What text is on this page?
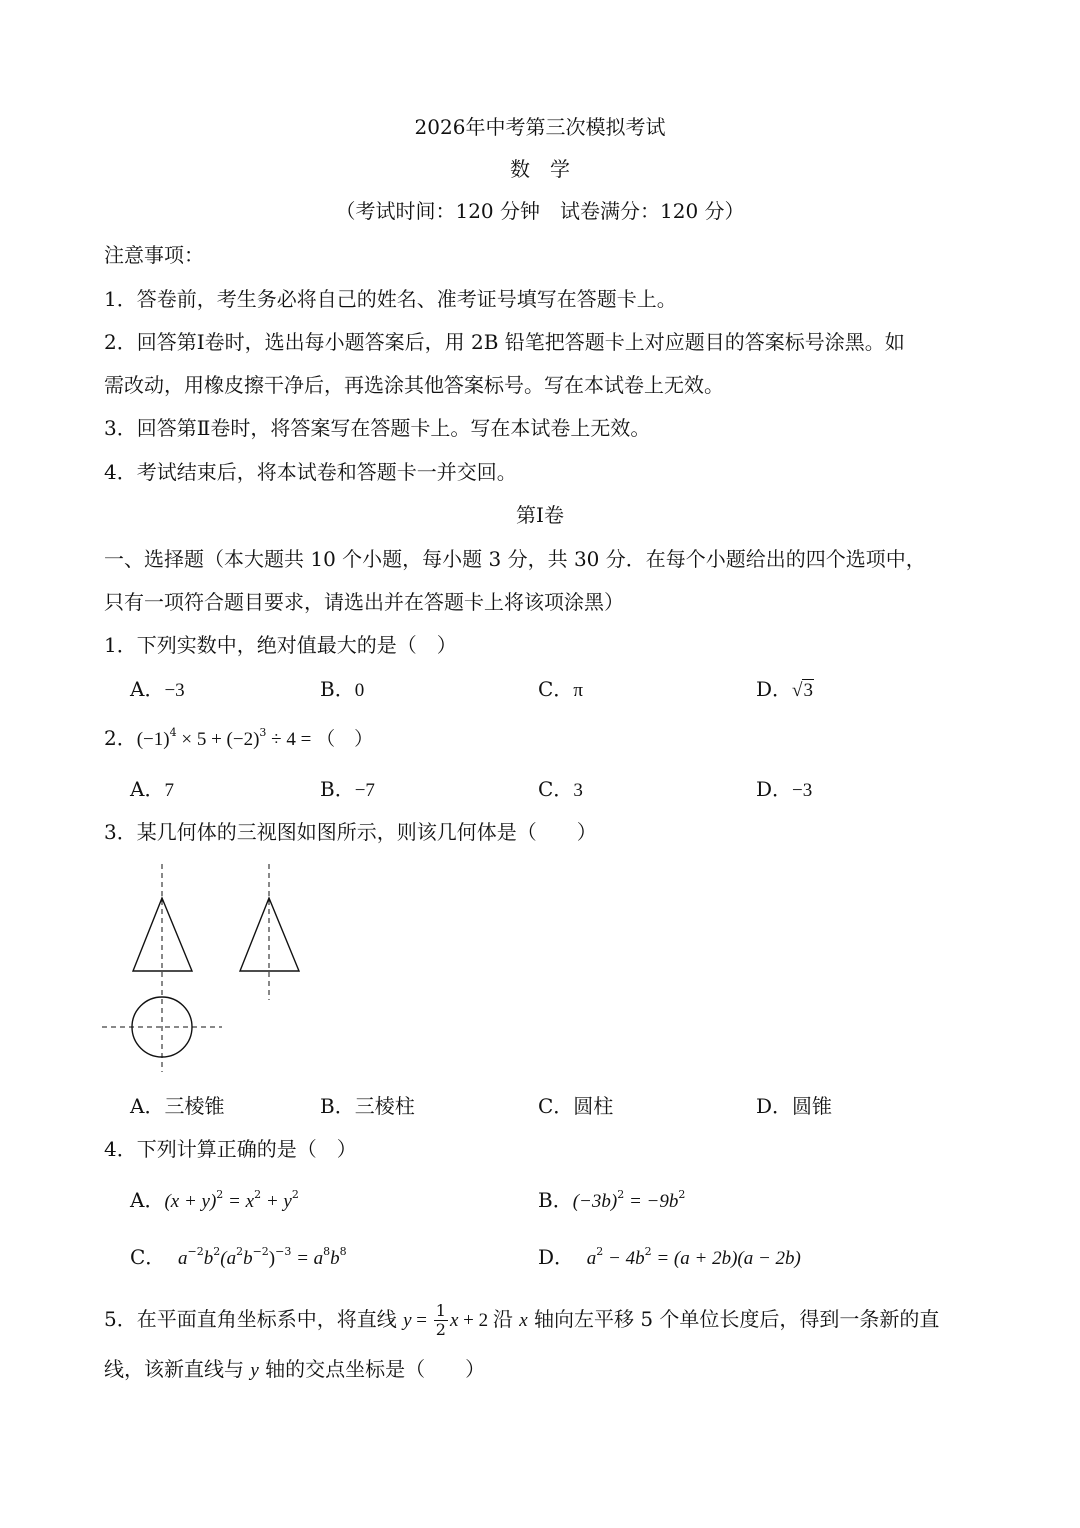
2026年中考第三次模拟考试
数　学
（考试时间：120 分钟　试卷满分：120 分）
注意事项：
1．答卷前，考生务必将自己的姓名、准考证号填写在答题卡上。
2．回答第Ⅰ卷时，选出每小题答案后，用 2B 铅笔把答题卡上对应题目的答案标号涂黑。如
需改动，用橡皮擦干净后，再选涂其他答案标号。写在本试卷上无效。
3．回答第Ⅱ卷时，将答案写在答题卡上。写在本试卷上无效。
4．考试结束后，将本试卷和答题卡一并交回。
第Ⅰ卷
一、选择题（本大题共 10 个小题，每小题 3 分，共 30 分．在每个小题给出的四个选项中，
只有一项符合题目要求，请选出并在答题卡上将该项涂黑）
1．下列实数中，绝对值最大的是（　）
A．−3	B．0	C．π	D．√3
2．$(-1)^4 \times 5 + (-2)^3 \div 4$ = （　）
A．7	B．−7	C．3	D．−3
3．某几何体的三视图如图所示，则该几何体是（　　）
A．三棱锥	B．三棱柱	C．圆柱	D．圆锥
4．下列计算正确的是（　）
A．$(x + y)^2 = x^2 + y^2$	B．$(-3b)^2 = -9b^2$
C． $a^{-2}b^2(a^2b^{-2})^{-3} = a^8b^8$	D． $a^2 - 4b^2 = (a + 2b)(a - 2b)$
5．在平面直角坐标系中，将直线 $y = \frac{1}{2}$ x + 2 沿 x 轴向左平移 5 个单位长度后，得到一条新的直
线，该新直线与 y 轴的交点坐标是（　　）
